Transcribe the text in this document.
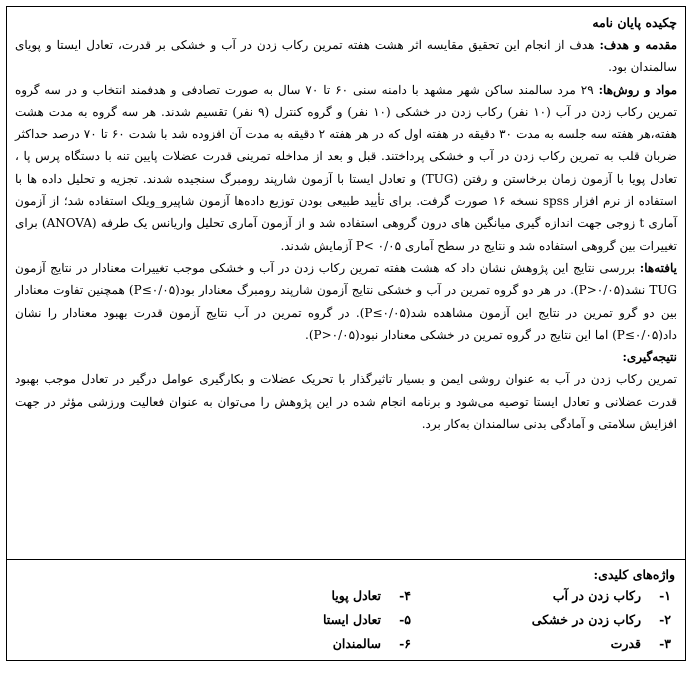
چکیده پایان نامه

مقدمه و هدف: هدف از انجام این تحقیق مقایسه اثر هشت هفته تمرین رکاب زدن در آب و خشکی بر قدرت، تعادل ایستا و پویای سالمندان بود.

مواد و روش‌ها: ۲۹ مرد سالمند ساکن شهر مشهد با دامنه سنی ۶۰ تا ۷۰ سال به صورت تصادفی و هدفمند انتخاب و در سه گروه تمرین رکاب زدن در آب (۱۰ نفر) رکاب زدن در خشکی (۱۰ نفر) و گروه کنترل (۹ نفر) تقسیم شدند. هر سه گروه به مدت هشت هفته،هر هفته سه جلسه به مدت ۳۰ دقیقه در هفته اول که در هر هفته ۲ دقیقه به مدت آن افزوده شد با شدت ۶۰ تا ۷۰ درصد حداکثر ضربان قلب به تمرین رکاب زدن در آب و خشکی پرداختند. قبل و بعد از مداخله تمرینی قدرت عضلات پایین تنه با دستگاه پرس پا ، تعادل پویا با آزمون زمان برخاستن و رفتن (TUG) و تعادل ایستا با آزمون شارپند رومبرگ سنجیده شدند. تجزیه و تحلیل داده ها با استفاده از نرم افزار spss نسخه ۱۶ صورت گرفت. برای تأیید طبیعی بودن توزیع داده‌ها آزمون شاپیرو_ویلک استفاده شد؛ از آزمون آماری t زوجی جهت اندازه گیری میانگین های درون گروهی استفاده شد و از آزمون آماری تحلیل واریانس یک طرفه (ANOVA) برای تغییرات بین گروهی استفاده شد و نتایج در سطح آماری P< ۰/۰۵ آزمایش شدند.

یافته‌ها: بررسی نتایج این پژوهش نشان داد که هشت هفته تمرین رکاب زدن در آب و خشکی موجب تغییرات معنادار در نتایج آزمون TUG نشد(P>۰/۰۵). در هر دو گروه تمرین در آب و خشکی نتایج آزمون شارپند رومبرگ معنادار بود(P≤۰/۰۵) همچنین تفاوت معنادار بین دو گرو تمرین در نتایج این آزمون مشاهده شد(P≤۰/۰۵). در گروه تمرین در آب نتایج آزمون قدرت بهبود معنادار را نشان داد(P≤۰/۰۵) اما این نتایج در گروه تمرین در خشکی معنادار نبود(P>۰/۰۵).

نتیجه‌گیری:

تمرین رکاب زدن در آب به عنوان روشی ایمن و بسیار تاثیرگذار با تحریک عضلات و بکارگیری عوامل درگیر در تعادل موجب بهبود قدرت عضلانی و تعادل ایستا توصیه می‌شود و برنامه انجام شده در این پژوهش را می‌توان به عنوان فعالیت ورزشی مؤثر در جهت افزایش سلامتی و آمادگی بدنی سالمندان به‌کار برد.

واژه‌های کلیدی:
۱-رکاب زدن در آب
۴-تعادل پویا
۲-رکاب زدن در خشکی
۵-تعادل ایستا
۳-قدرت
۶-سالمندان
